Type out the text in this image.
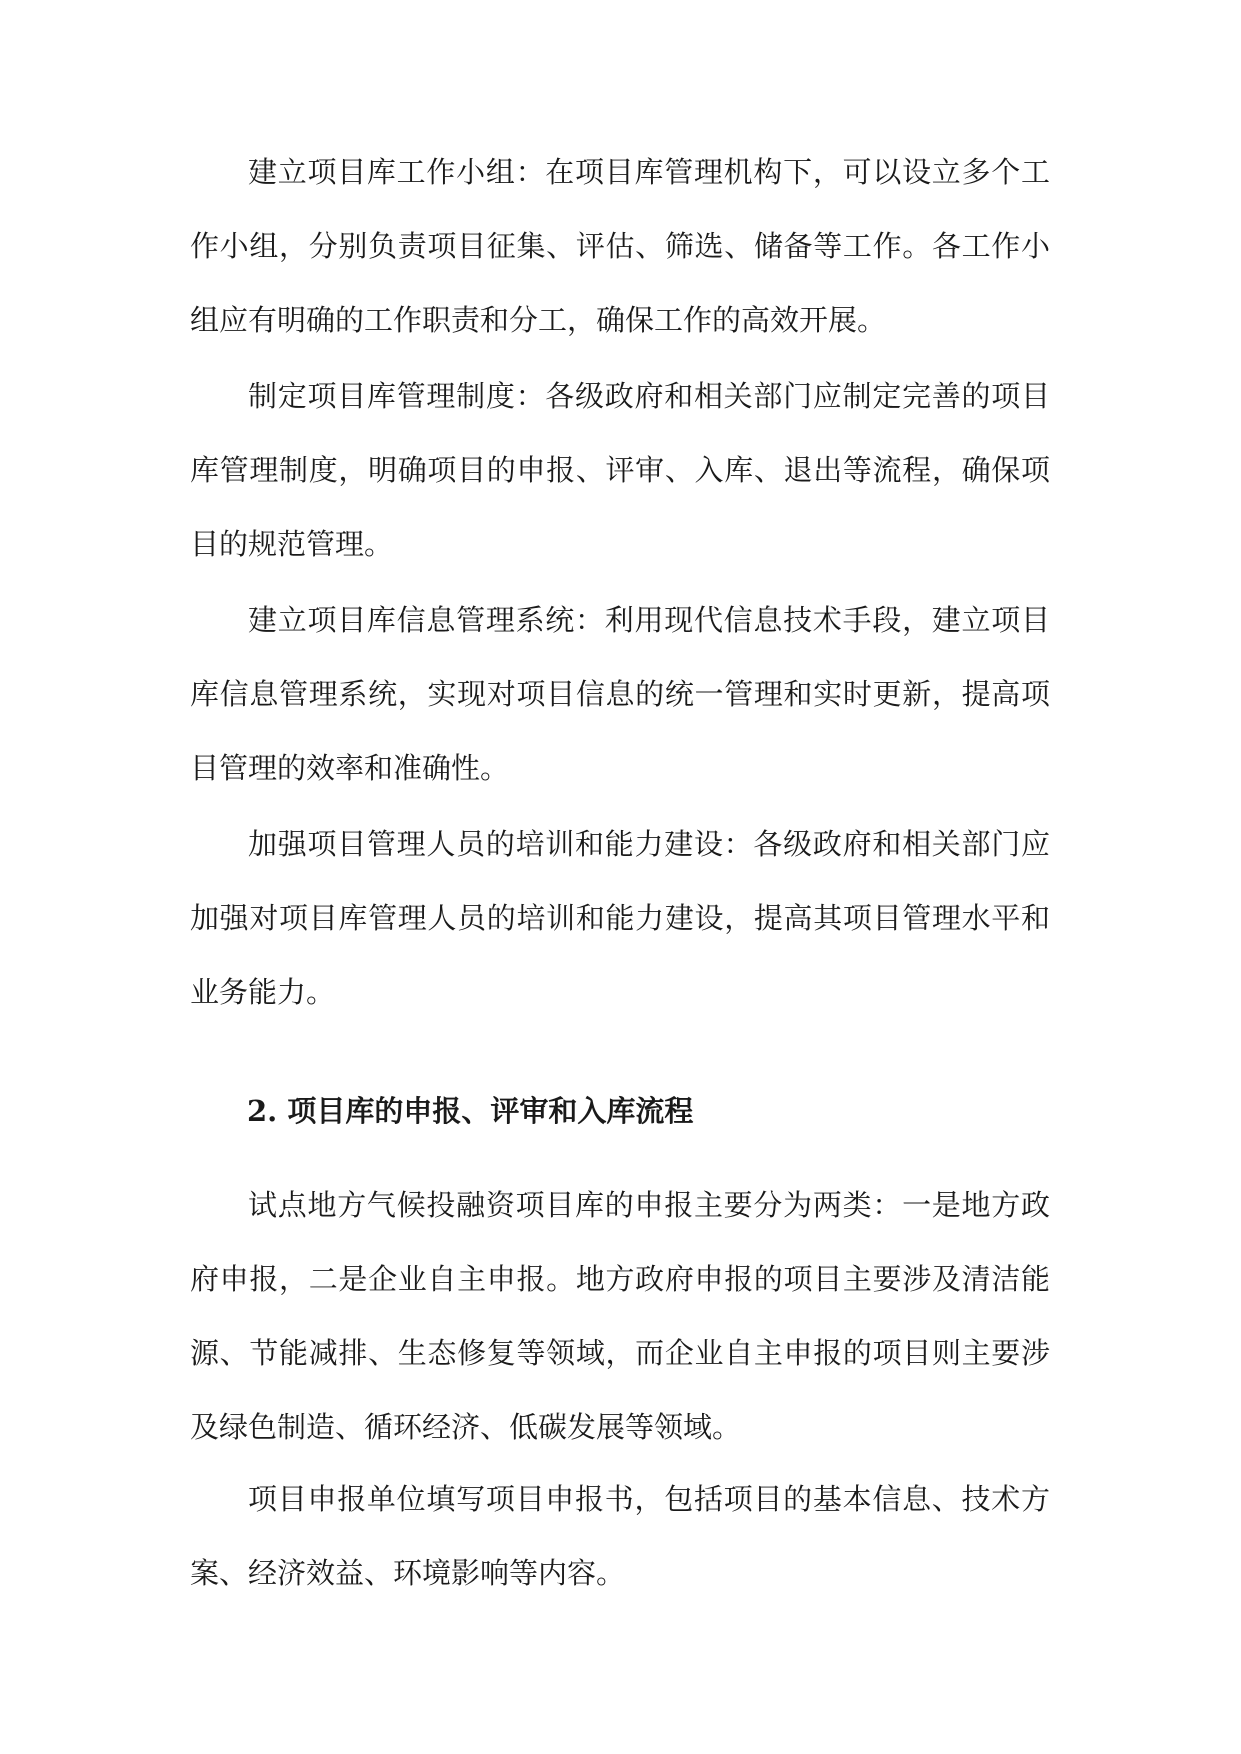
建立项目库工作小组：在项目库管理机构下，可以设立多个工作小组，分别负责项目征集、评估、筛选、储备等工作。各工作小组应有明确的工作职责和分工，确保工作的高效开展。

制定项目库管理制度：各级政府和相关部门应制定完善的项目库管理制度，明确项目的申报、评审、入库、退出等流程，确保项目的规范管理。

建立项目库信息管理系统：利用现代信息技术手段，建立项目库信息管理系统，实现对项目信息的统一管理和实时更新，提高项目管理的效率和准确性。

加强项目管理人员的培训和能力建设：各级政府和相关部门应加强对项目库管理人员的培训和能力建设，提高其项目管理水平和业务能力。

2. 项目库的申报、评审和入库流程

试点地方气候投融资项目库的申报主要分为两类：一是地方政府申报，二是企业自主申报。地方政府申报的项目主要涉及清洁能源、节能减排、生态修复等领域，而企业自主申报的项目则主要涉及绿色制造、循环经济、低碳发展等领域。

项目申报单位填写项目申报书，包括项目的基本信息、技术方案、经济效益、环境影响等内容。
